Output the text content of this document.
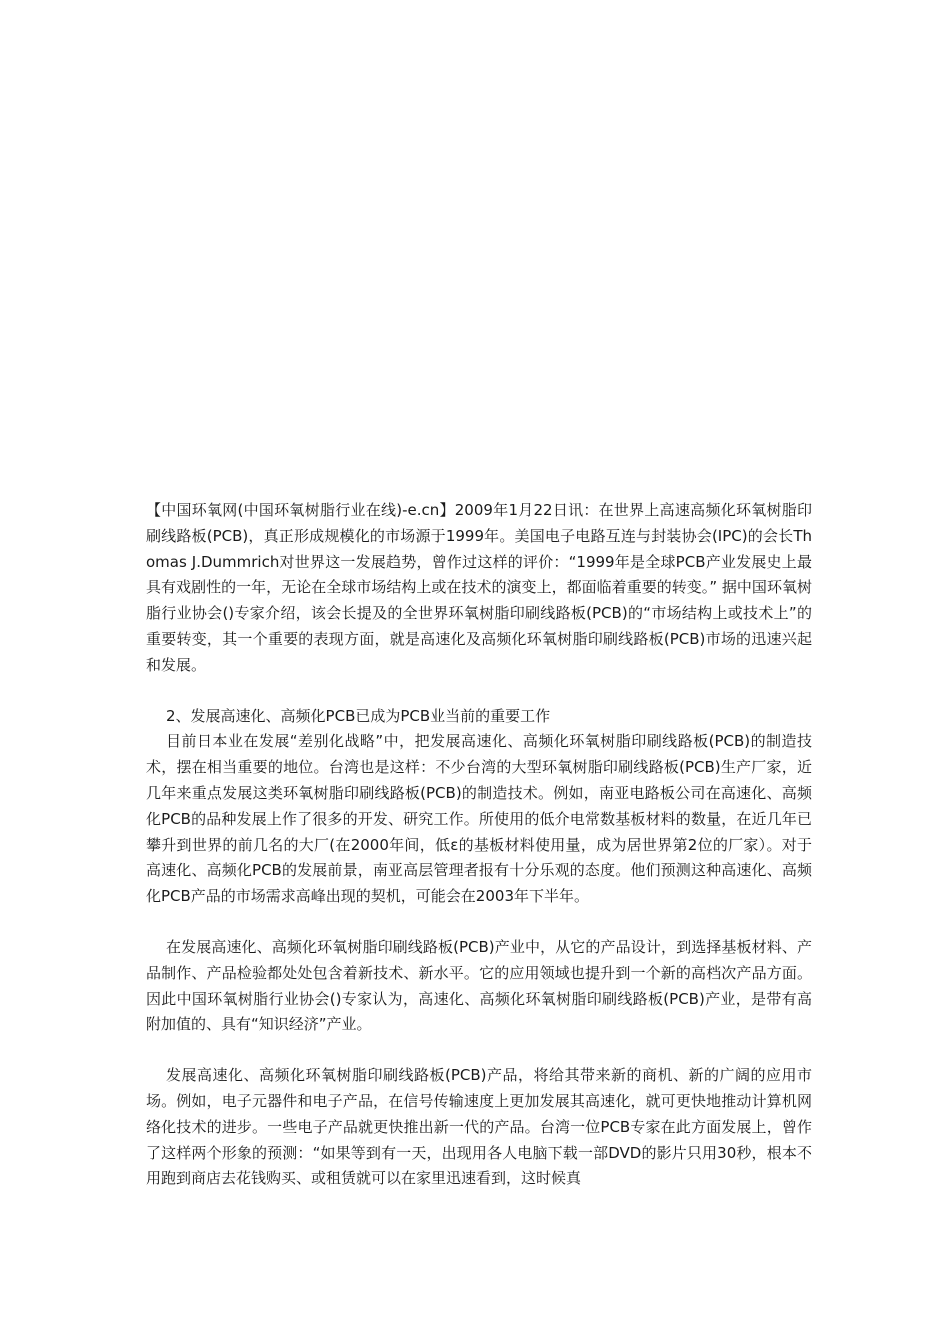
【中国环氧网(中国环氧树脂行业在线)-e.cn】2009年1月22日讯：在世界上高速高频化环氧树脂印刷线路板(PCB)，真正形成规模化的市场源于1999年。美国电子电路互连与封装协会(IPC)的会长Thomas J.Dummrich对世界这一发展趋势，曾作过这样的评价：“1999年是全球PCB产业发展史上最具有戏剧性的一年，无论在全球市场结构上或在技术的演变上，都面临着重要的转变。” 据中国环氧树脂行业协会()专家介绍，该会长提及的全世界环氧树脂印刷线路板(PCB)的“市场结构上或技术上”的重要转变，其一个重要的表现方面，就是高速化及高频化环氧树脂印刷线路板(PCB)市场的迅速兴起和发展。

2、发展高速化、高频化PCB已成为PCB业当前的重要工作

目前日本业在发展“差别化战略”中，把发展高速化、高频化环氧树脂印刷线路板(PCB)的制造技术，摆在相当重要的地位。台湾也是这样：不少台湾的大型环氧树脂印刷线路板(PCB)生产厂家，近几年来重点发展这类环氧树脂印刷线路板(PCB)的制造技术。例如，南亚电路板公司在高速化、高频化PCB的品种发展上作了很多的开发、研究工作。所使用的低介电常数基板材料的数量，在近几年已攀升到世界的前几名的大厂(在2000年间，低ε的基板材料使用量，成为居世界第2位的厂家）。对于高速化、高频化PCB的发展前景，南亚高层管理者报有十分乐观的态度。他们预测这种高速化、高频化PCB产品的市场需求高峰出现的契机，可能会在2003年下半年。

在发展高速化、高频化环氧树脂印刷线路板(PCB)产业中，从它的产品设计，到选择基板材料、产品制作、产品检验都处处包含着新技术、新水平。它的应用领域也提升到一个新的高档次产品方面。因此中国环氧树脂行业协会()专家认为，高速化、高频化环氧树脂印刷线路板(PCB)产业，是带有高附加值的、具有“知识经济”产业。

发展高速化、高频化环氧树脂印刷线路板(PCB)产品，将给其带来新的商机、新的广阔的应用市场。例如，电子元器件和电子产品，在信号传输速度上更加发展其高速化，就可更快地推动计算机网络化技术的进步。一些电子产品就更快推出新一代的产品。台湾一位PCB专家在此方面发展上，曾作了这样两个形象的预测：“如果等到有一天，出现用各人电脑下载一部DVD的影片只用30秒，根本不用跑到商店去花钱购买、或租赁就可以在家里迅速看到，这时候真
